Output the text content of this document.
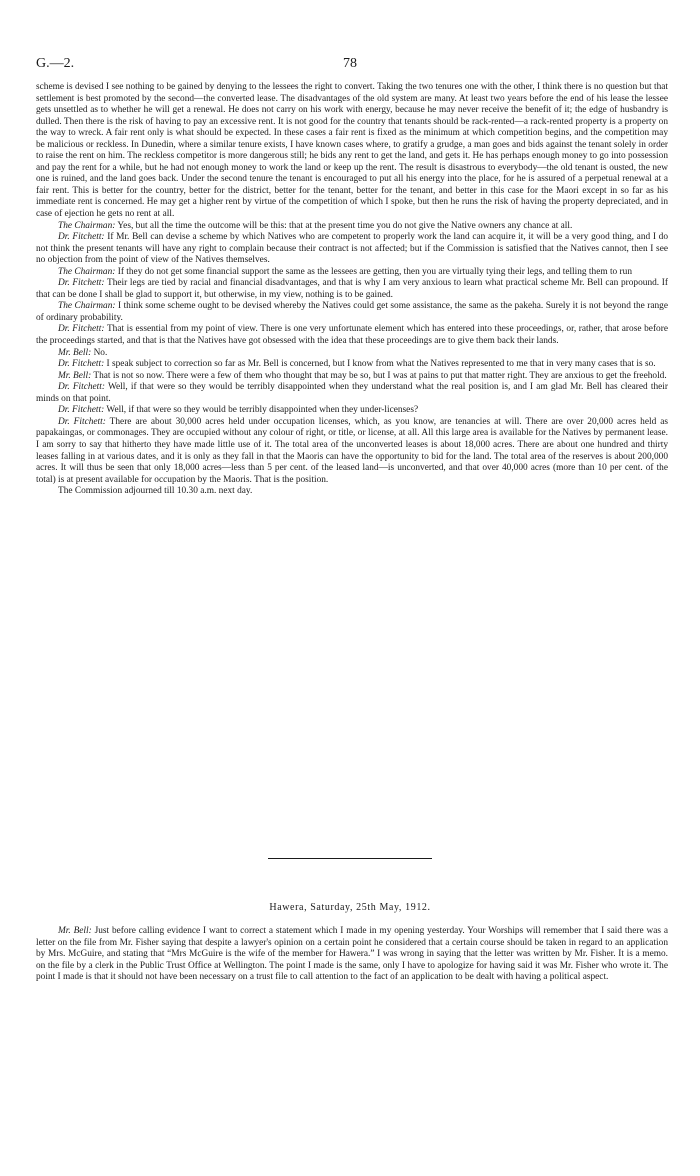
G.—2.	78

scheme is devised I see nothing to be gained by denying to the lessees the right to convert. Taking the two tenures one with the other, I think there is no question but that settlement is best promoted by the second—the converted lease. The disadvantages of the old system are many. At least two years before the end of his lease the lessee gets unsettled as to whether he will get a renewal. He does not carry on his work with energy, because he may never receive the benefit of it; the edge of husbandry is dulled. Then there is the risk of having to pay an excessive rent. It is not good for the country that tenants should be rack-rented—a rack-rented property is a property on the way to wreck. A fair rent only is what should be expected. In these cases a fair rent is fixed as the minimum at which competition begins, and the competition may be malicious or reckless. In Dunedin, where a similar tenure exists, I have known cases where, to gratify a grudge, a man goes and bids against the tenant solely in order to raise the rent on him. The reckless competitor is more dangerous still; he bids any rent to get the land, and gets it. He has perhaps enough money to go into possession and pay the rent for a while, but he had not enough money to work the land or keep up the rent. The result is disastrous to everybody—the old tenant is ousted, the new one is ruined, and the land goes back. Under the second tenure the tenant is encouraged to put all his energy into the place, for he is assured of a perpetual renewal at a fair rent. This is better for the country, better for the district, better for the tenant, better for the tenant, and better in this case for the Maori except in so far as his immediate rent is concerned. He may get a higher rent by virtue of the competition of which I spoke, but then he runs the risk of having the property depreciated, and in case of ejection he gets no rent at all.

The Chairman: Yes, but all the time the outcome will be this: that at the present time you do not give the Native owners any chance at all.

Dr. Fitchett: If Mr. Bell can devise a scheme by which Natives who are competent to properly work the land can acquire it, it will be a very good thing, and I do not think the present tenants will have any right to complain because their contract is not affected; but if the Commission is satisfied that the Natives cannot, then I see no objection from the point of view of the Natives themselves.

The Chairman: If they do not get some financial support the same as the lessees are getting, then you are virtually tying their legs, and telling them to run

Dr. Fitchett: Their legs are tied by racial and financial disadvantages, and that is why I am very anxious to learn what practical scheme Mr. Bell can propound. If that can be done I shall be glad to support it, but otherwise, in my view, nothing is to be gained.

The Chairman: I think some scheme ought to be devised whereby the Natives could get some assistance, the same as the pakeha. Surely it is not beyond the range of ordinary probability.

Dr. Fitchett: That is essential from my point of view. There is one very unfortunate element which has entered into these proceedings, or, rather, that arose before the proceedings started, and that is that the Natives have got obsessed with the idea that these proceedings are to give them back their lands.

Mr. Bell: No.

Dr. Fitchett: I speak subject to correction so far as Mr. Bell is concerned, but I know from what the Natives represented to me that in very many cases that is so.

Mr. Bell: That is not so now. There were a few of them who thought that may be so, but I was at pains to put that matter right. They are anxious to get the freehold.

Dr. Fitchett: Well, if that were so they would be terribly disappointed when they understand what the real position is, and I am glad Mr. Bell has cleared their minds on that point.

Dr. Fitchett: Well, if that were so they would be terribly disappointed when they under-licenses?

Dr. Fitchett: There are about 30,000 acres held under occupation licenses, which, as you know, are tenancies at will. There are over 20,000 acres held as papakaingas, or commonages. They are occupied without any colour of right, or title, or license, at all. All this large area is available for the Natives by permanent lease. I am sorry to say that hitherto they have made little use of it. The total area of the unconverted leases is about 18,000 acres. There are about one hundred and thirty leases falling in at various dates, and it is only as they fall in that the Maoris can have the opportunity to bid for the land. The total area of the reserves is about 200,000 acres. It will thus be seen that only 18,000 acres—less than 5 per cent. of the leased land—is unconverted, and that over 40,000 acres (more than 10 per cent. of the total) is at present available for occupation by the Maoris. That is the position.

The Commission adjourned till 10.30 a.m. next day.

Hawera, Saturday, 25th May, 1912.

Mr. Bell: Just before calling evidence I want to correct a statement which I made in my opening yesterday. Your Worships will remember that I said there was a letter on the file from Mr. Fisher saying that despite a lawyer's opinion on a certain point he considered that a certain course should be taken in regard to an application by Mrs. McGuire, and stating that “Mrs McGuire is the wife of the member for Hawera.” I was wrong in saying that the letter was written by Mr. Fisher. It is a memo. on the file by a clerk in the Public Trust Office at Wellington. The point I made is the same, only I have to apologize for having said it was Mr. Fisher who wrote it. The point I made is that it should not have been necessary on a trust file to call attention to the fact of an application to be dealt with having a political aspect.
